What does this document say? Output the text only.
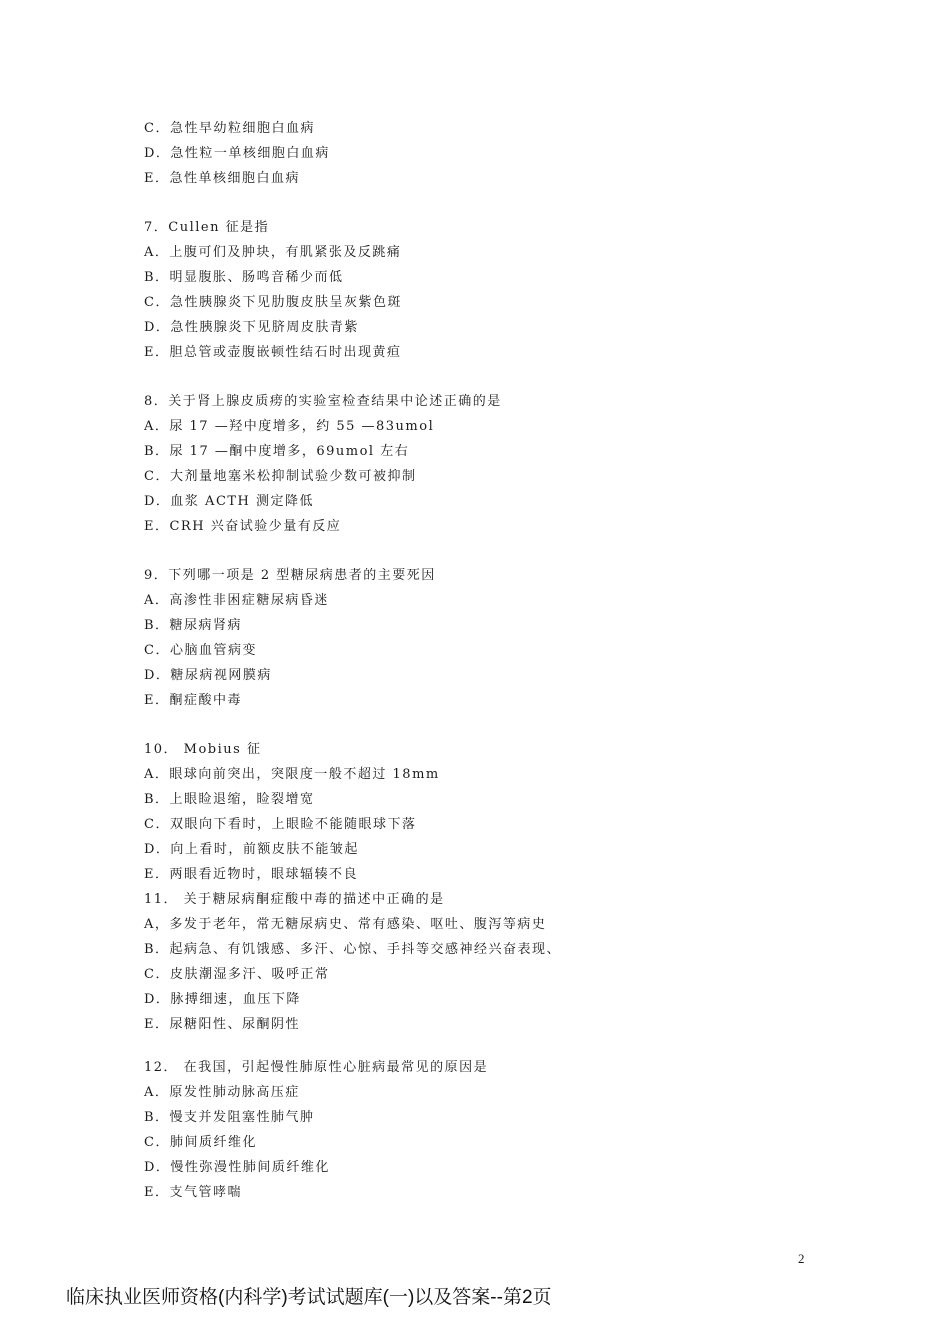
C．急性早幼粒细胞白血病
D．急性粒一单核细胞白血病
E．急性单核细胞白血病
7．Cullen 征是指
A．上腹可们及肿块，有肌紧张及反跳痛
B．明显腹胀、肠鸣音稀少而低
C．急性胰腺炎下见肋腹皮肤呈灰紫色斑
D．急性胰腺炎下见脐周皮肤青紫
E．胆总管或壶腹嵌顿性结石时出现黄疸
8．关于肾上腺皮质痨的实验室检查结果中论述正确的是
A．尿 17 —羟中度增多，约 55 —83umol
B．尿 17 —酮中度增多，69umol 左右
C．大剂量地塞米松抑制试验少数可被抑制
D．血浆 ACTH 测定降低
E．CRH 兴奋试验少量有反应
9．下列哪一项是 2 型糖尿病患者的主要死因
A．高渗性非困症糖尿病昏迷
B．糖尿病肾病
C．心脑血管病变
D．糖尿病视网膜病
E．酮症酸中毒
10． Mobius 征
A．眼球向前突出，突限度一般不超过 18mm
B．上眼睑退缩，睑裂增宽
C．双眼向下看时，上眼睑不能随眼球下落
D．向上看时，前额皮肤不能皱起
E．两眼看近物时，眼球辐辏不良
11． 关于糖尿病酮症酸中毒的描述中正确的是
A，多发于老年，常无糖尿病史、常有感染、呕吐、腹泻等病史
B．起病急、有饥饿感、多汗、心惊、手抖等交感神经兴奋表现、
C．皮肤潮湿多汗、吸呼正常
D．脉搏细速，血压下降
E．尿糖阳性、尿酮阴性
12． 在我国，引起慢性肺原性心脏病最常见的原因是
A．原发性肺动脉高压症
B．慢支并发阻塞性肺气肿
C．肺间质纤维化
D．慢性弥漫性肺间质纤维化
E．支气管哮喘
2
临床执业医师资格(内科学)考试试题库(一)以及答案--第2页
